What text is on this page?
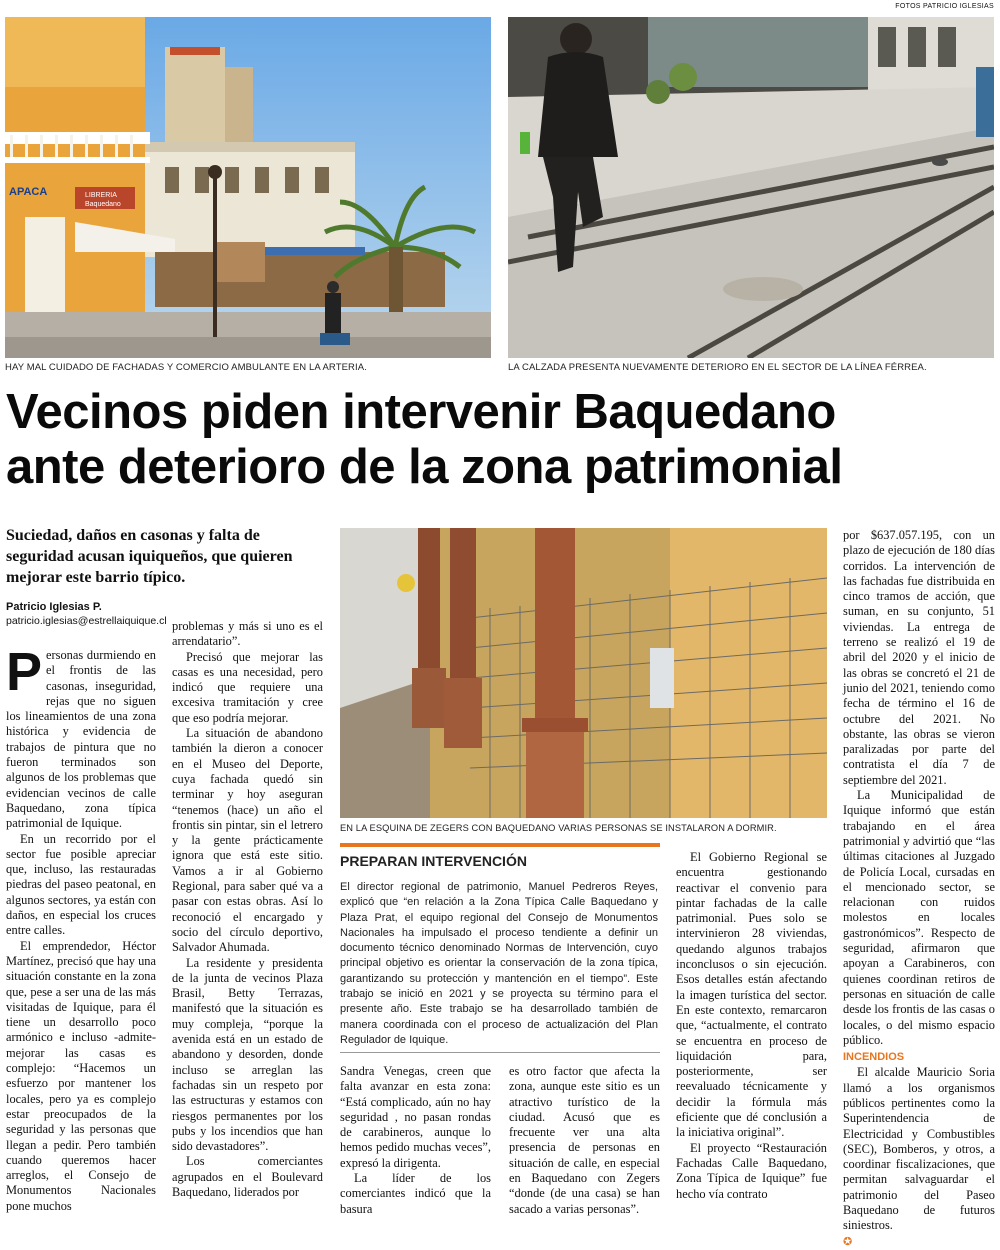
FOTOS PATRICIO IGLESIAS
APACA	LIBRERIA
Baquedano
HAY MAL CUIDADO DE FACHADAS Y COMERCIO AMBULANTE EN LA ARTERIA.	LA CALZADA PRESENTA NUEVAMENTE DETERIORO EN EL SECTOR DE LA LÍNEA FÉRREA.
Vecinos piden intervenir Baquedano
ante deterioro de la zona patrimonial
Suciedad, daños en casonas y falta de seguridad acusan iquiqueños, que quieren mejorar este barrio típico.
Patricio Iglesias P.
patricio.iglesias@estrellaiquique.cl
P ersonas durmiendo en el frontis de las casonas, inseguridad, rejas que no siguen los lineamientos de una zona histórica y evidencia de trabajos de pintura que no fueron terminados son algunos de los problemas que evidencian vecinos de calle Baquedano, zona típica patrimonial de Iquique.

En un recorrido por el sector fue posible apreciar que, incluso, las restauradas piedras del paseo peatonal, en algunos sectores, ya están con daños, en especial los cruces entre calles.

El emprendedor, Héctor Martínez, precisó que hay una situación constante en la zona que, pese a ser una de las más visitadas de Iquique, para él tiene un desarrollo poco armónico e incluso -admite- mejorar las casas es complejo: “Hacemos un esfuerzo por mantener los locales, pero ya es complejo estar preocupados de la seguridad y las personas que llegan a pedir. Pero también cuando queremos hacer arreglos, el Consejo de Monumentos Nacionales pone muchos

problemas y más si uno es el arrendatario”.

Precisó que mejorar las casas es una necesidad, pero indicó que requiere una excesiva tramitación y cree que eso podría mejorar.

La situación de abandono también la dieron a conocer en el Museo del Deporte, cuya fachada quedó sin terminar y hoy aseguran “tenemos (hace) un año el frontis sin pintar, sin el letrero y la gente prácticamente ignora que está este sitio. Vamos a ir al Gobierno Regional, para saber qué va a pasar con estas obras. Así lo reconoció el encargado y socio del círculo deportivo, Salvador Ahumada.

La residente y presidenta de la junta de vecinos Plaza Brasil, Betty Terrazas, manifestó que la situación es muy compleja, “porque la avenida está en un estado de abandono y desorden, donde incluso se arreglan las fachadas sin un respeto por las estructuras y estamos con riesgos permanentes por los pubs y los incendios que han sido devastadores”.

Los comerciantes agrupados en el Boulevard Baquedano, liderados por

EN LA ESQUINA DE ZEGERS CON BAQUEDANO VARIAS PERSONAS SE INSTALARON A DORMIR.
PREPARAN INTERVENCIÓN
El director regional de patrimonio, Manuel Pedreros Reyes, explicó que “en relación a la Zona Típica Calle Baquedano y Plaza Prat, el equipo regional del Consejo de Monumentos Nacionales ha impulsado el proceso tendiente a definir un documento técnico denominado Normas de Intervención, cuyo principal objetivo es orientar la conservación de la zona típica, garantizando su protección y mantención en el tiempo”. Este trabajo se inició en 2021 y se proyecta su término para el presente año. Este trabajo se ha desarrollado también de manera coordinada con el proceso de actualización del Plan Regulador de Iquique.

Sandra Venegas, creen que falta avanzar en esta zona: “Está complicado, aún no hay seguridad , no pasan rondas de carabineros, aunque lo hemos pedido muchas veces”, expresó la dirigenta.

La líder de los comerciantes indicó que la basura

es otro factor que afecta la zona, aunque este sitio es un atractivo turístico de la ciudad. Acusó que es frecuente ver una alta presencia de personas en situación de calle, en especial en Baquedano con Zegers “donde (de una casa) se han sacado a varias personas”.

El Gobierno Regional se encuentra gestionando reactivar el convenio para pintar fachadas de la calle patrimonial. Pues solo se intervinieron 28 viviendas, quedando algunos trabajos inconclusos o sin ejecución. Esos detalles están afectando la imagen turística del sector. En este contexto, remarcaron que, “actualmente, el contrato se encuentra en proceso de liquidación para, posteriormente, ser reevaluado técnicamente y decidir la fórmula más eficiente que dé conclusión a la iniciativa original”.

El proyecto “Restauración Fachadas Calle Baquedano, Zona Típica de Iquique” fue hecho vía contrato

por $637.057.195, con un plazo de ejecución de 180 días corridos. La intervención de las fachadas fue distribuida en cinco tramos de acción, que suman, en su conjunto, 51 viviendas. La entrega de terreno se realizó el 19 de abril del 2020 y el inicio de las obras se concretó el 21 de junio del 2021, teniendo como fecha de término el 16 de octubre del 2021. No obstante, las obras se vieron paralizadas por parte del contratista el día 7 de septiembre del 2021.

La Municipalidad de Iquique informó que están trabajando en el área patrimonial y advirtió que “las últimas citaciones al Juzgado de Policía Local, cursadas en el mencionado sector, se relacionan con ruidos molestos en locales gastronómicos”. Respecto de seguridad, afirmaron que apoyan a Carabineros, con quienes coordinan retiros de personas en situación de calle desde los frontis de las casas o locales, o del mismo espacio público.

INCENDIOS

El alcalde Mauricio Soria llamó a los organismos públicos pertinentes como la Superintendencia de Electricidad y Combustibles (SEC), Bomberos, y otros, a coordinar fiscalizaciones, que permitan salvaguardar el patrimonio del Paseo Baquedano de futuros siniestros.

✪
